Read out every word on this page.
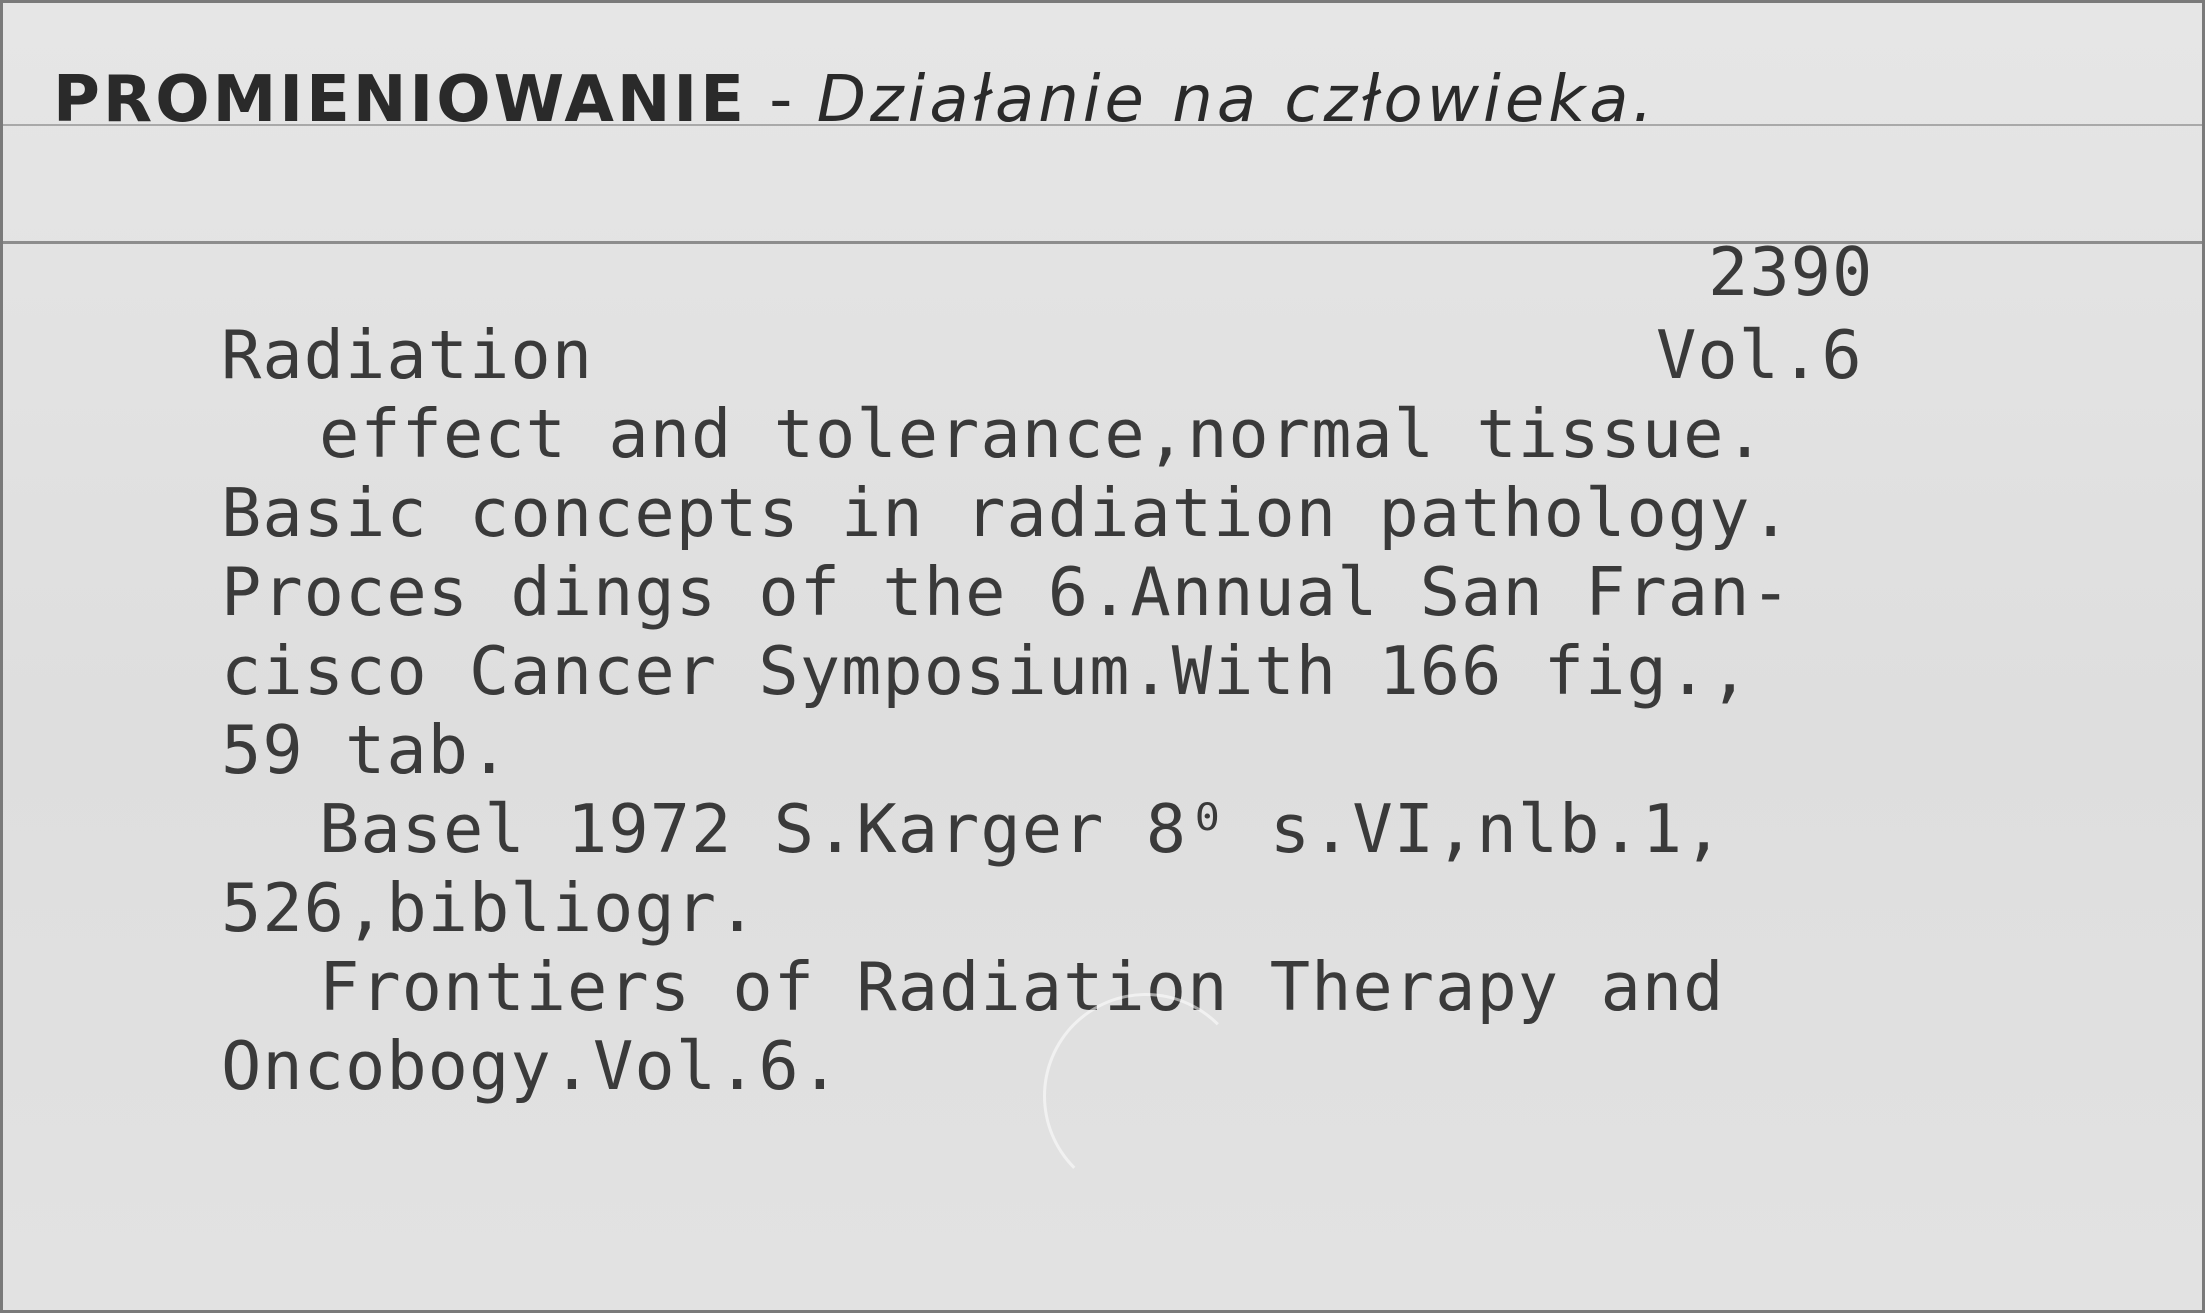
PROMIENIOWANIE - Działanie na człowieka.
2390
Vol.6
Radiation
effect and tolerance,normal tissue.
Basic concepts in radiation pathology.
Proces dings of the 6.Annual San Fran-
cisco Cancer Symposium.With 166 fig.,
59 tab.
Basel 1972 S.Karger 8⁰ s.VI,nlb.1,
526,bibliogr.
Frontiers of Radiation Therapy and
Oncobogy.Vol.6.
